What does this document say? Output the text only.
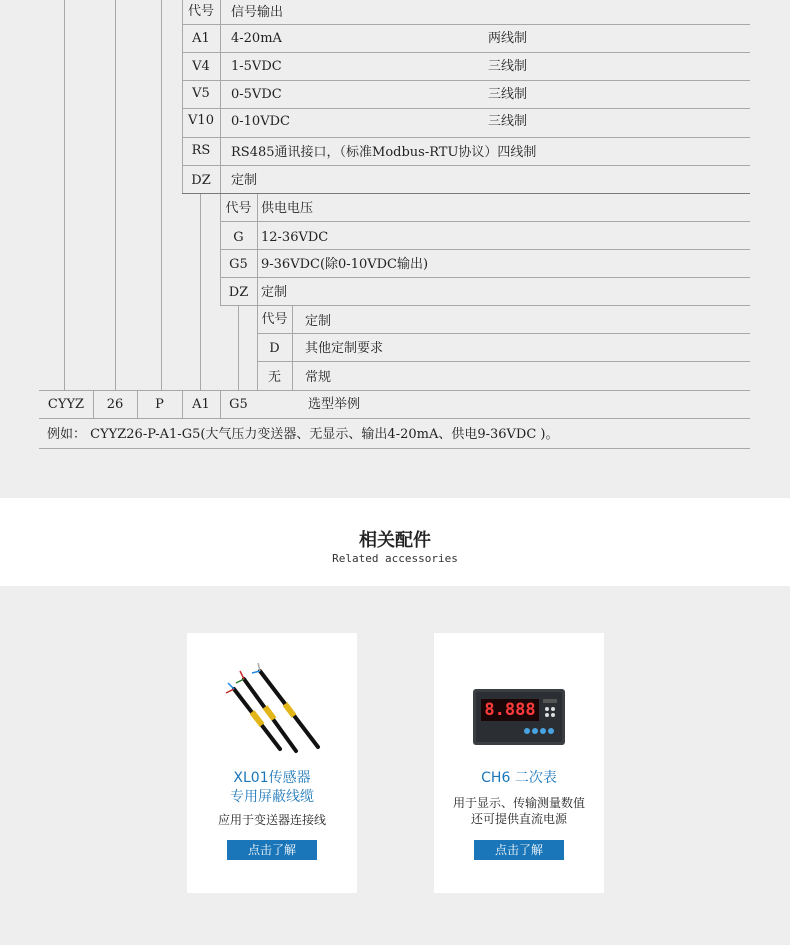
代号	信号输出
A1	4-20mA	两线制
V4	1-5VDC	三线制
V5	0-5VDC	三线制
V10	0-10VDC	三线制
RS	RS485通讯接口，（标准Modbus-RTU协议）四线制
DZ	定制
代号 供电电压
G	12-36VDC
G5	9-36VDC(除0-10VDC输出)
DZ 定制
代号	定制
D	其他定制要求
无	常规
CYYZ	26	P	A1	G5	选型举例
例如： CYYZ26-P-A1-G5(大气压力变送器、无显示、输出4-20mA、供电9-36VDC )。
相关配件
Related accessories
XL01传感器
专用屏蔽线缆
应用于变送器连接线
点击了解
8.888
CH6 二次表
用于显示、传输测量数值
还可提供直流电源
点击了解
